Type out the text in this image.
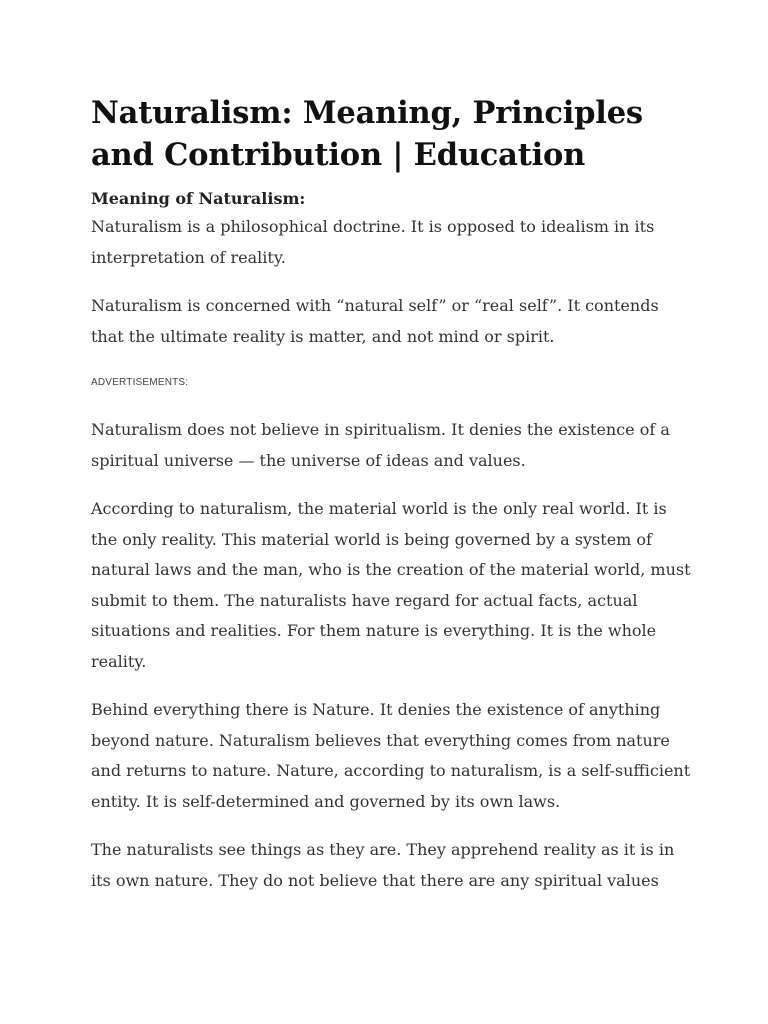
Naturalism: Meaning, Principles and Contribution | Education
Meaning of Naturalism:

Naturalism is a philosophical doctrine. It is opposed to idealism in its interpretation of reality.

Naturalism is concerned with “natural self” or “real self”. It contends that the ultimate reality is matter, and not mind or spirit.

ADVERTISEMENTS:

Naturalism does not believe in spiritualism. It denies the existence of a spiritual universe — the universe of ideas and values.

According to naturalism, the material world is the only real world. It is the only reality. This material world is being governed by a system of natural laws and the man, who is the creation of the material world, must submit to them. The naturalists have regard for actual facts, actual situations and realities. For them nature is everything. It is the whole reality.

Behind everything there is Nature. It denies the existence of anything beyond nature. Naturalism believes that everything comes from nature and returns to nature. Nature, according to naturalism, is a self-sufficient entity. It is self-determined and governed by its own laws.

The naturalists see things as they are. They apprehend reality as it is in its own nature. They do not believe that there are any spiritual values
